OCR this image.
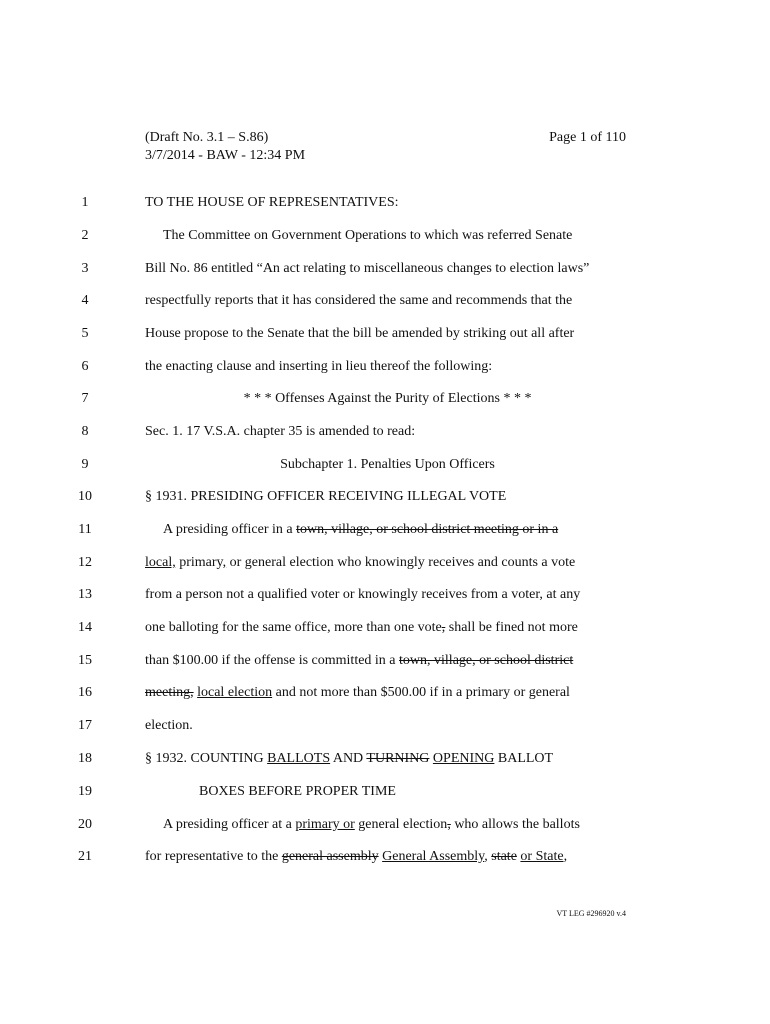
(Draft No. 3.1 – S.86)
3/7/2014 - BAW - 12:34 PM
Page 1 of 110
1
2
3
4
5
6
7
8
9
10
11
12
13
14
15
16
17
18
19
20
21
TO THE HOUSE OF REPRESENTATIVES:
The Committee on Government Operations to which was referred Senate
Bill No. 86 entitled “An act relating to miscellaneous changes to election laws”
respectfully reports that it has considered the same and recommends that the
House propose to the Senate that the bill be amended by striking out all after
the enacting clause and inserting in lieu thereof the following:
* * * Offenses Against the Purity of Elections * * *
Sec. 1. 17 V.S.A. chapter 35 is amended to read:
Subchapter 1. Penalties Upon Officers
§ 1931. PRESIDING OFFICER RECEIVING ILLEGAL VOTE
A presiding officer in a town, village, or school district meeting or in a
local, primary, or general election who knowingly receives and counts a vote
from a person not a qualified voter or knowingly receives from a voter, at any
one balloting for the same office, more than one vote, shall be fined not more
than $100.00 if the offense is committed in a town, village, or school district
meeting, local election and not more than $500.00 if in a primary or general
election.
§ 1932. COUNTING BALLOTS AND TURNING OPENING BALLOT
BOXES BEFORE PROPER TIME
A presiding officer at a primary or general election, who allows the ballots
for representative to the general assembly General Assembly, state or State,
VT LEG #296920 v.4
